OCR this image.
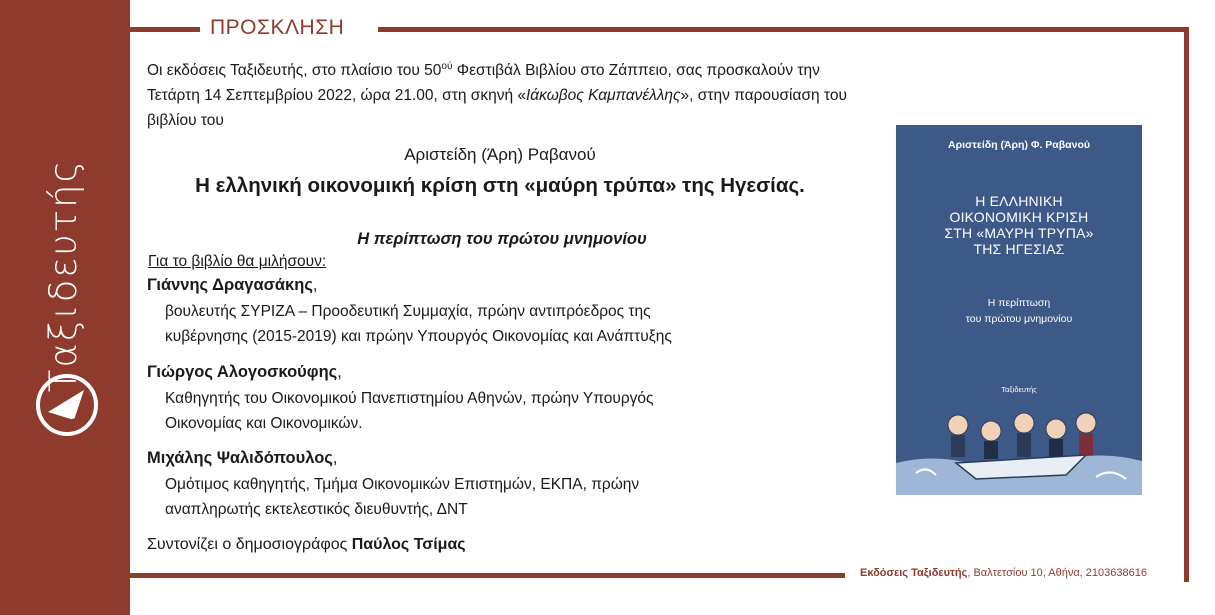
Ταξιδευτής
ΠΡΟΣΚΛΗΣΗ
Οι εκδόσεις Ταξιδευτής, στο πλαίσιο του $50^{oύ}$ Φεστιβάλ Βιβλίου στο Ζάππειο, σας προσκαλούν την Τετάρτη 14 Σεπτεμβρίου 2022, ώρα 21.00, στη σκηνή «Ιάκωβος Καμπανέλλης», στην παρουσίαση του βιβλίου του
Αριστείδη (Άρη) Ραβανού
Η ελληνική οικονομική κρίση στη «μαύρη τρύπα» της Ηγεσίας.
Η περίπτωση του πρώτου μνημονίου
Για το βιβλίο θα μιλήσουν:
Γιάννης Δραγασάκης,
βουλευτής ΣΥΡΙΖΑ – Προοδευτική Συμμαχία, πρώην αντιπρόεδρος της
κυβέρνησης (2015-2019) και πρώην Υπουργός Οικονομίας και Ανάπτυξης
Γιώργος Αλογοσκούφης,
Καθηγητής του Οικονομικού Πανεπιστημίου Αθηνών, πρώην Υπουργός
Οικονομίας και Οικονομικών.
Μιχάλης Ψαλιδόπουλος,
Ομότιμος καθηγητής, Τμήμα Οικονομικών Επιστημών, ΕΚΠΑ, πρώην
αναπληρωτής εκτελεστικός διευθυντής, ΔΝΤ
Συντονίζει ο δημοσιογράφος Παύλος Τσίμας
Αριστείδη (Άρη) Φ. Ραβανού
Η ΕΛΛΗΝΙΚΗ
ΟΙΚΟΝΟΜΙΚΗ ΚΡΙΣΗ
ΣΤΗ «ΜΑΥΡΗ ΤΡΥΠΑ»
ΤΗΣ ΗΓΕΣΙΑΣ
Η περίπτωση
του πρώτου μνημονίου
Ταξιδευτής
Εκδόσεις Ταξιδευτής, Βαλτετσίου 10, Αθήνα, 2103638616
